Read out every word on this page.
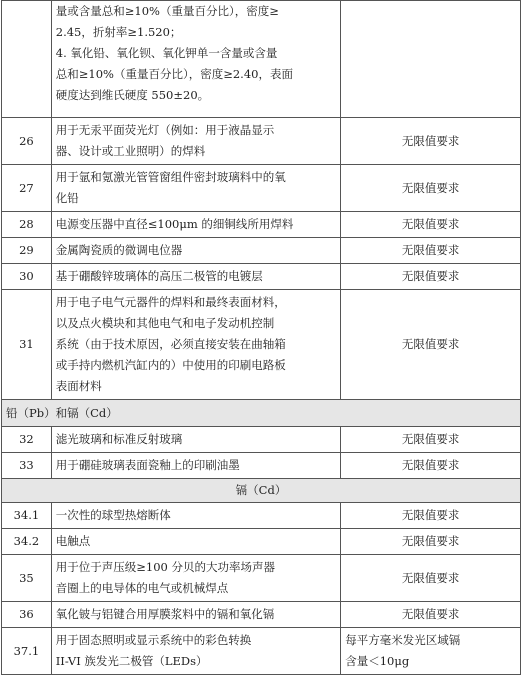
	量或含量总和≥10%（重量百分比），密度≥
2.45，折射率≥1.520；
4. 氧化铅、氧化钡、氧化钾单一含量或含量
总和≥10%（重量百分比），密度≥2.40，表面
硬度达到维氏硬度 550±20。	

26	用于无汞平面荧光灯（例如：用于液晶显示
器、设计或工业照明）的焊料	无限值要求

27	用于氩和氪激光管管窗组件密封玻璃料中的氧
化铅	无限值要求

28	电源变压器中直径≤100μm 的细铜线所用焊料	无限值要求

29	金属陶瓷质的微调电位器	无限值要求

30	基于硼酸锌玻璃体的高压二极管的电镀层	无限值要求

31	用于电子电气元器件的焊料和最终表面材料，
以及点火模块和其他电气和电子发动机控制
系统（由于技术原因，必须直接安装在曲轴箱
或手持内燃机汽缸内的）中使用的印刷电路板
表面材料	无限值要求

铅（Pb）和镉（Cd）		
32	滤光玻璃和标准反射玻璃	无限值要求

33	用于硼硅玻璃表面瓷釉上的印刷油墨	无限值要求

镉（Cd）		
34.1	一次性的球型热熔断体	无限值要求

34.2	电触点	无限值要求

35	用于位于声压级≥100 分贝的大功率场声器
音圈上的电导体的电气或机械焊点	无限值要求

36	氧化铍与铝键合用厚膜浆料中的镉和氧化镉	无限值要求

37.1	用于固态照明或显示系统中的彩色转换
II-VI 族发光二极管（LEDs）	每平方毫米发光区域镉
含量＜10μg
